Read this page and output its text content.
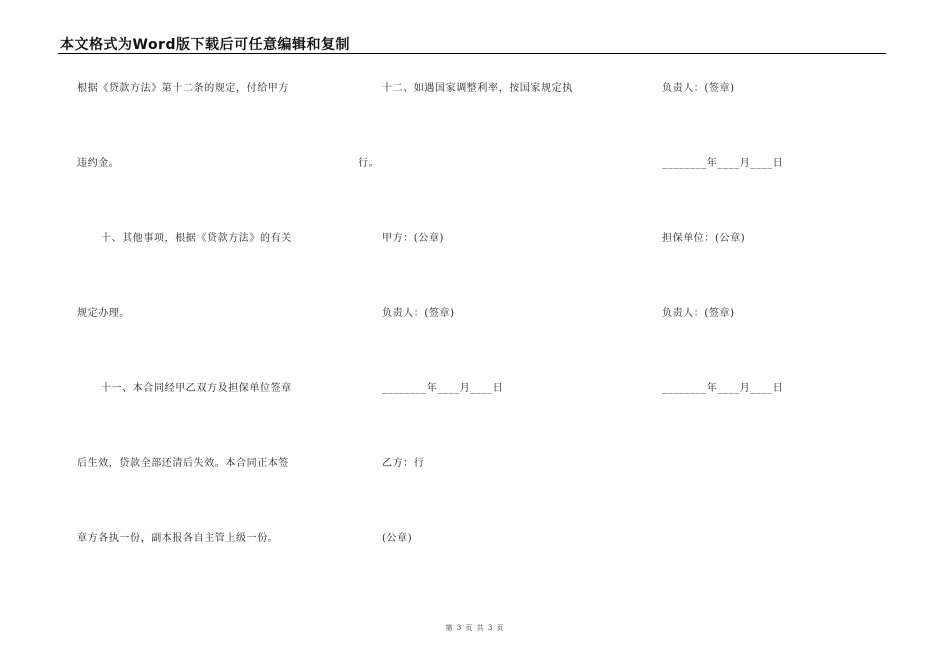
本文格式为Word版下载后可任意编辑和复制
根据《贷款方法》第十二条的规定，付给甲方
违约金。
十、其他事项，根据《贷款方法》的有关
规定办理。
十一、本合同经甲乙双方及担保单位签章
后生效，贷款全部还清后失效。本合同正本签
章方各执一份，副本报各自主管上级一份。
十二、如遇国家调整利率，按国家规定执
行。
甲方：(公章)
负责人：(签章)
________年____月____日
乙方：行
(公章)
负责人：(签章)
________年____月____日
担保单位：(公章)
负责人：(签章)
________年____月____日
第 3 页 共 3 页
